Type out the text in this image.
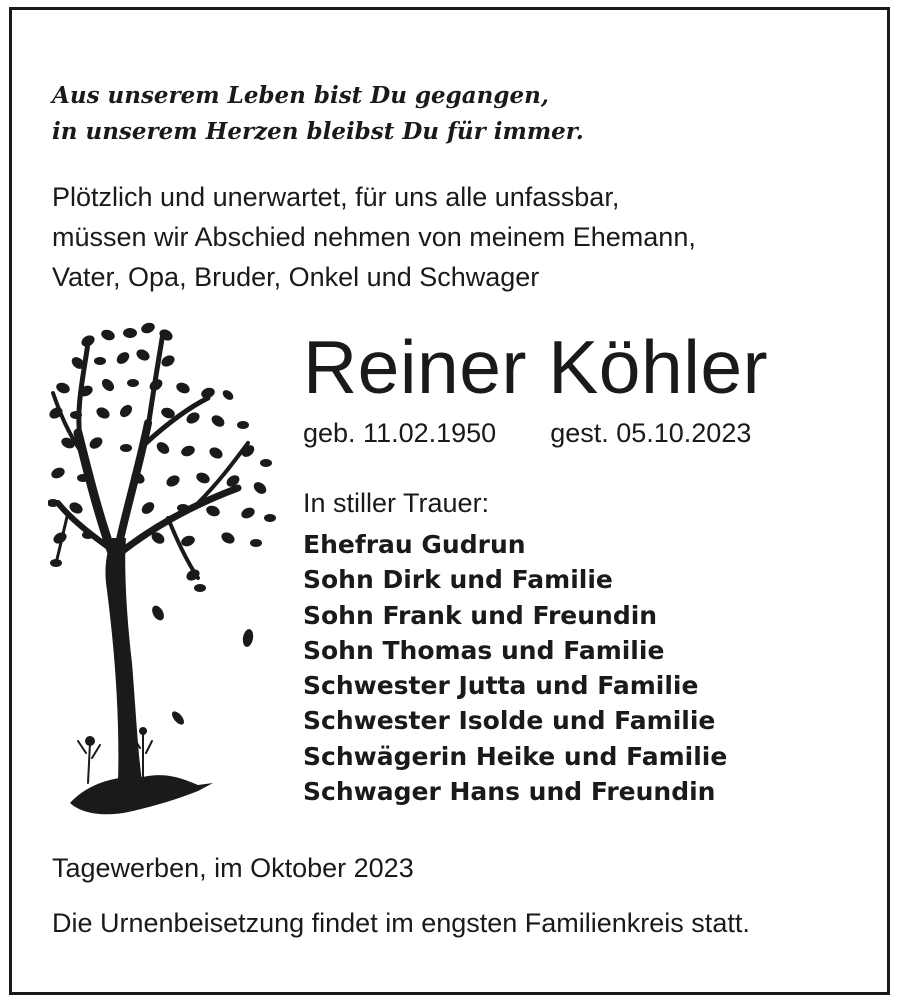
Aus unserem Leben bist Du gegangen,
in unserem Herzen bleibst Du für immer.
Plötzlich und unerwartet, für uns alle unfassbar,
müssen wir Abschied nehmen von meinem Ehemann,
Vater, Opa, Bruder, Onkel und Schwager
Reiner Köhler
geb. 11.02.1950 gest. 05.10.2023
In stiller Trauer:
Ehefrau Gudrun
Sohn Dirk und Familie
Sohn Frank und Freundin
Sohn Thomas und Familie
Schwester Jutta und Familie
Schwester Isolde und Familie
Schwägerin Heike und Familie
Schwager Hans und Freundin
Tagewerben, im Oktober 2023
Die Urnenbeisetzung findet im engsten Familienkreis statt.
